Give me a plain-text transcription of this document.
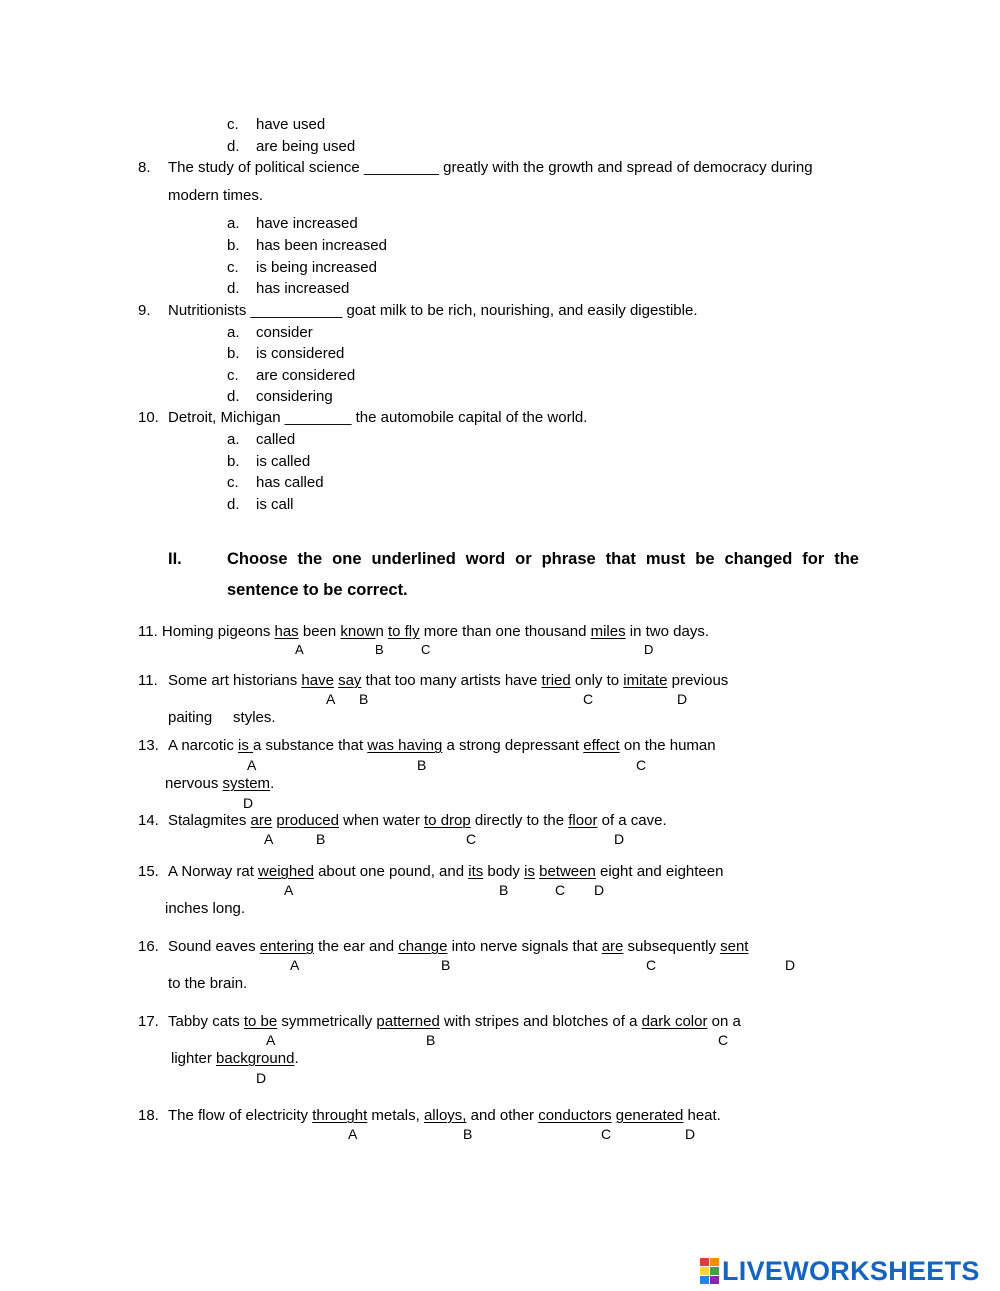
c. have used
d. are being used
8. The study of political science _________ greatly with the growth and spread of democracy during
modern times.
a. have increased
b. has been increased
c. is being increased
d. has increased
9. Nutritionists ___________ goat milk to be rich, nourishing, and easily digestible.
a. consider
b. is considered
c. are considered
d. considering
10. Detroit, Michigan ________ the automobile capital of the world.
a. called
b. is called
c. has called
d. is call
II.	Choose the one underlined word or phrase that must be changed for the
sentence to be correct.
11. Homing pigeons has been known to fly more than one thousand miles in two days.
A	B	C	D
11. Some art historians have say that too many artists have tried only to imitate previous
A B	C	D
paiting     styles.
13. A narcotic is a substance that was having a strong depressant effect on the human
A	B	C
nervous system.
D
14. Stalagmites are produced when water to drop directly to the floor of a cave.
A	B	C	D
15. A Norway rat weighed about one pound, and its body is between eight and eighteen
A	B	C D
inches long.
16. Sound eaves entering the ear and change into nerve signals that are subsequently sent
A	B	C	D
to the brain.
17. Tabby cats to be symmetrically patterned with stripes and blotches of a dark color on a
A	B	C
lighter background.
D
18. The flow of electricity throught metals, alloys, and other conductors generated heat.
A	B	C	D
LIVEWORKSHEETS
